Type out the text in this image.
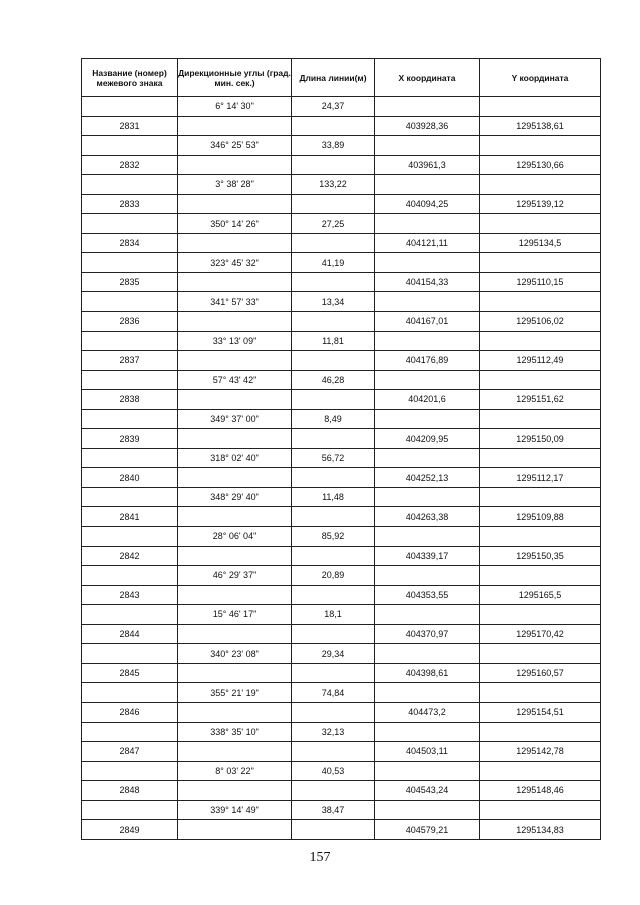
Название (номер) межевого знака	Дирекционные углы (град. мин. сек.)	Длина линии(м)	X координата	Y координата
	6° 14' 30"	24,37		
2831			403928,36	1295138,61
	346° 25' 53"	33,89		
2832			403961,3	1295130,66
	3° 38' 28"	133,22		
2833			404094,25	1295139,12
	350° 14' 26"	27,25		
2834			404121,11	1295134,5
	323° 45' 32"	41,19		
2835			404154,33	1295110,15
	341° 57' 33"	13,34		
2836			404167,01	1295106,02
	33° 13' 09"	11,81		
2837			404176,89	1295112,49
	57° 43' 42"	46,28		
2838			404201,6	1295151,62
	349° 37' 00"	8,49		
2839			404209,95	1295150,09
	318° 02' 40"	56,72		
2840			404252,13	1295112,17
	348° 29' 40"	11,48		
2841			404263,38	1295109,88
	28° 06' 04"	85,92		
2842			404339,17	1295150,35
	46° 29' 37"	20,89		
2843			404353,55	1295165,5
	15° 46' 17"	18,1		
2844			404370,97	1295170,42
	340° 23' 08"	29,34		
2845			404398,61	1295160,57
	355° 21' 19"	74,84		
2846			404473,2	1295154,51
	338° 35' 10"	32,13		
2847			404503,11	1295142,78
	8° 03' 22"	40,53		
2848			404543,24	1295148,46
	339° 14' 49"	38,47		
2849			404579,21	1295134,83
157
